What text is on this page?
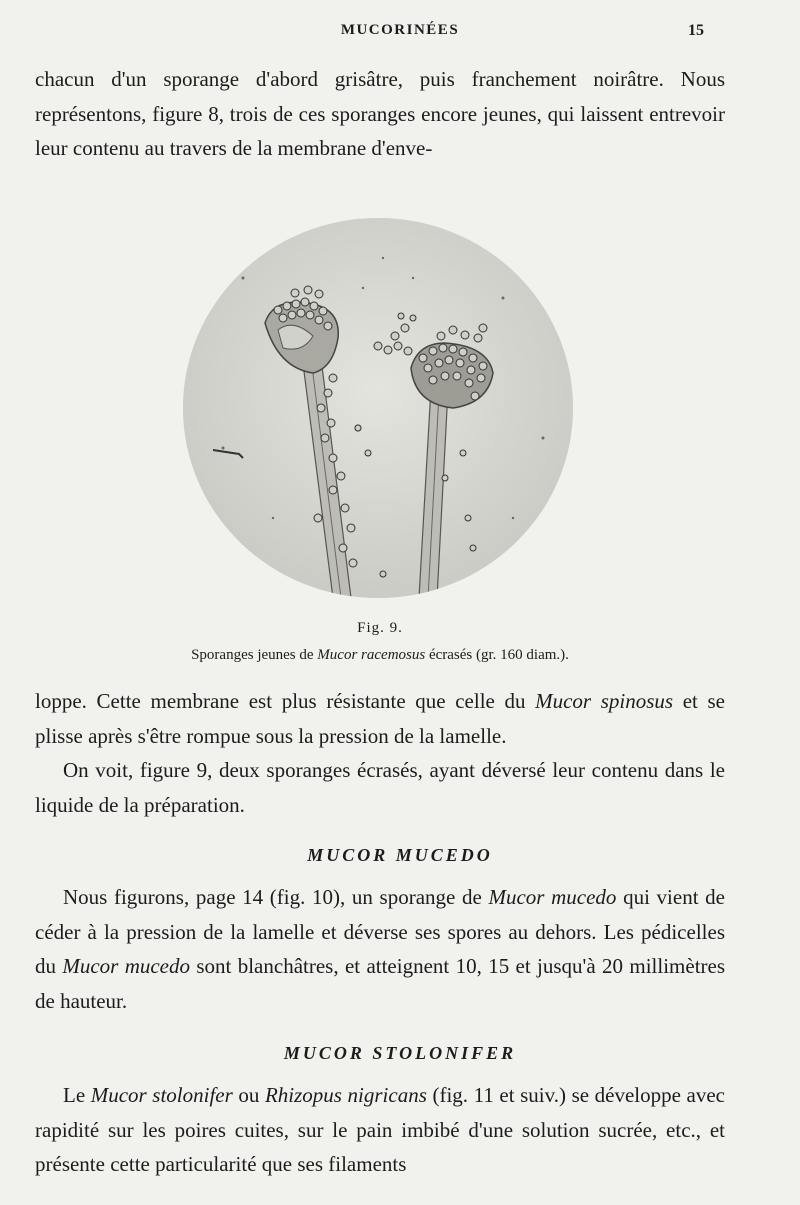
MUCORINÉES	15

chacun d'un sporange d'abord grisâtre, puis franchement noirâtre. Nous représentons, figure 8, trois de ces sporanges encore jeunes, qui laissent entrevoir leur contenu au travers de la membrane d'enve-

Fig. 9.
Sporanges jeunes de Mucor racemosus écrasés (gr. 160 diam.).

loppe. Cette membrane est plus résistante que celle du Mucor spinosus et se plisse après s'être rompue sous la pression de la lamelle.

On voit, figure 9, deux sporanges écrasés, ayant déversé leur contenu dans le liquide de la préparation.

MUCOR MUCEDO

Nous figurons, page 14 (fig. 10), un sporange de Mucor mucedo qui vient de céder à la pression de la lamelle et déverse ses spores au dehors. Les pédicelles du Mucor mucedo sont blanchâtres, et atteignent 10, 15 et jusqu'à 20 millimètres de hauteur.

MUCOR STOLONIFER

Le Mucor stolonifer ou Rhizopus nigricans (fig. 11 et suiv.) se développe avec rapidité sur les poires cuites, sur le pain imbibé d'une solution sucrée, etc., et présente cette particularité que ses filaments
